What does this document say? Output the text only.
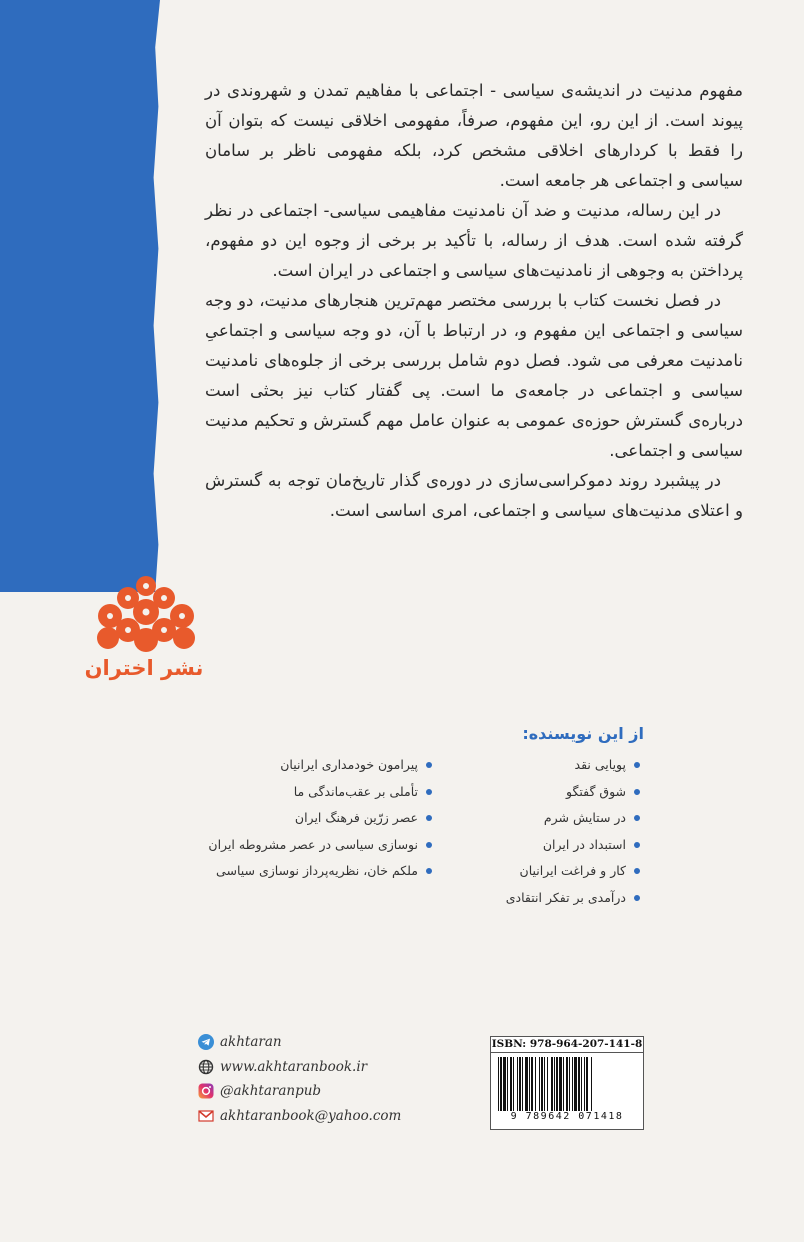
مفهوم مدنیت در اندیشه‌ی سیاسی - اجتماعی با مفاهیم تمدن و شهروندی در پیوند است. از این رو، این مفهوم، صرفاً، مفهومی اخلاقی نیست که بتوان آن را فقط با کردارهای اخلاقی مشخص کرد، بلکه مفهومی ناظر بر سامان سیاسی و اجتماعی هر جامعه است.

در این رساله، مدنیت و ضد آن نامدنیت مفاهیمی سیاسی- اجتماعی در نظر گرفته شده است. هدف از رساله، با تأکید بر برخی از وجوه این دو مفهوم، پرداختن به وجوهی از نامدنیت‌های سیاسی و اجتماعی در ایران است.

در فصل نخست کتاب با بررسی مختصر مهم‌ترین هنجارهای مدنیت، دو وجه سیاسی و اجتماعی این مفهوم و، در ارتباط با آن، دو وجه سیاسی و اجتماعیِ نامدنیت معرفی می شود. فصل دوم شامل بررسی برخی از جلوه‌های نامدنیت سیاسی و اجتماعی در جامعه‌ی ما است. پی گفتار کتاب نیز بحثی است درباره‌ی گسترش حوزه‌ی عمومی به عنوان عامل مهم گسترش و تحکیم مدنیت سیاسی و اجتماعی.

در پیشبرد روند دموکراسی‌سازی در دوره‌ی گذار تاریخ‌مان توجه به گسترش و اعتلای مدنیت‌های سیاسی و اجتماعی، امری اساسی است.

نشر اختران
از این نویسنده:
پویایی نقد
شوق گفتگو
در ستایش شرم
استبداد در ایران
کار و فراغت ایرانیان
درآمدی بر تفکر انتقادی
پیرامون خودمداری ایرانیان
تأملی بر عقب‌ماندگی ما
عصر زرّین فرهنگ ایران
نوسازی سیاسی در عصر مشروطه ایران
ملکم خان، نظریه‌پرداز نوسازی سیاسی
akhtaran
www.akhtaranbook.ir
@akhtaranpub
akhtaranbook@yahoo.com
ISBN: 978-964-207-141-8
9 789642 071418
